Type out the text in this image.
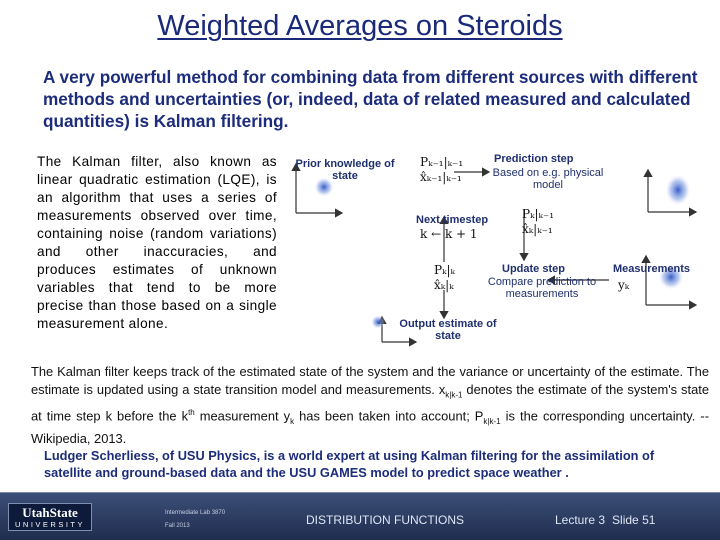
Weighted Averages on Steroids
A very powerful method for combining data from different sources with different methods and uncertainties (or, indeed, data of related measured and calculated quantities) is Kalman filtering.
The Kalman filter, also known as linear quadratic estimation (LQE), is an algorithm that uses a series of measurements observed over time, containing noise (random variations) and other inaccuracies, and produces estimates of unknown variables that tend to be more precise than those based on a single measurement alone.
Prior knowledge of state
Pₖ₋₁|ₖ₋₁
x̂ₖ₋₁|ₖ₋₁
Prediction step
Based on e.g. physical model
Pₖ|ₖ₋₁
x̂ₖ|ₖ₋₁
Next timestep
k ← k + 1
Pₖ|ₖ
x̂ₖ|ₖ
Update step
Compare prediction to measurements
Measurements
yₖ
Output estimate of state
The Kalman filter keeps track of the estimated state of the system and the variance or uncertainty of the estimate. The estimate is updated using a state transition model and measurements. $x_{k|k-1}$ denotes the estimate of the system's state at time step k before the $k^{th}$ measurement $y_k$ has been taken into account; $P_{k|k-1}$ is the corresponding uncertainty. --Wikipedia, 2013.
Ludger Scherliess, of USU Physics, is a world expert at using Kalman filtering for the assimilation of satellite and ground-based data and the USU GAMES model to predict space weather .
UtahState
UNIVERSITY
Intermediate Lab 3870
Fall 2013	DISTRIBUTION FUNCTIONS	Lecture 3 Slide 51
